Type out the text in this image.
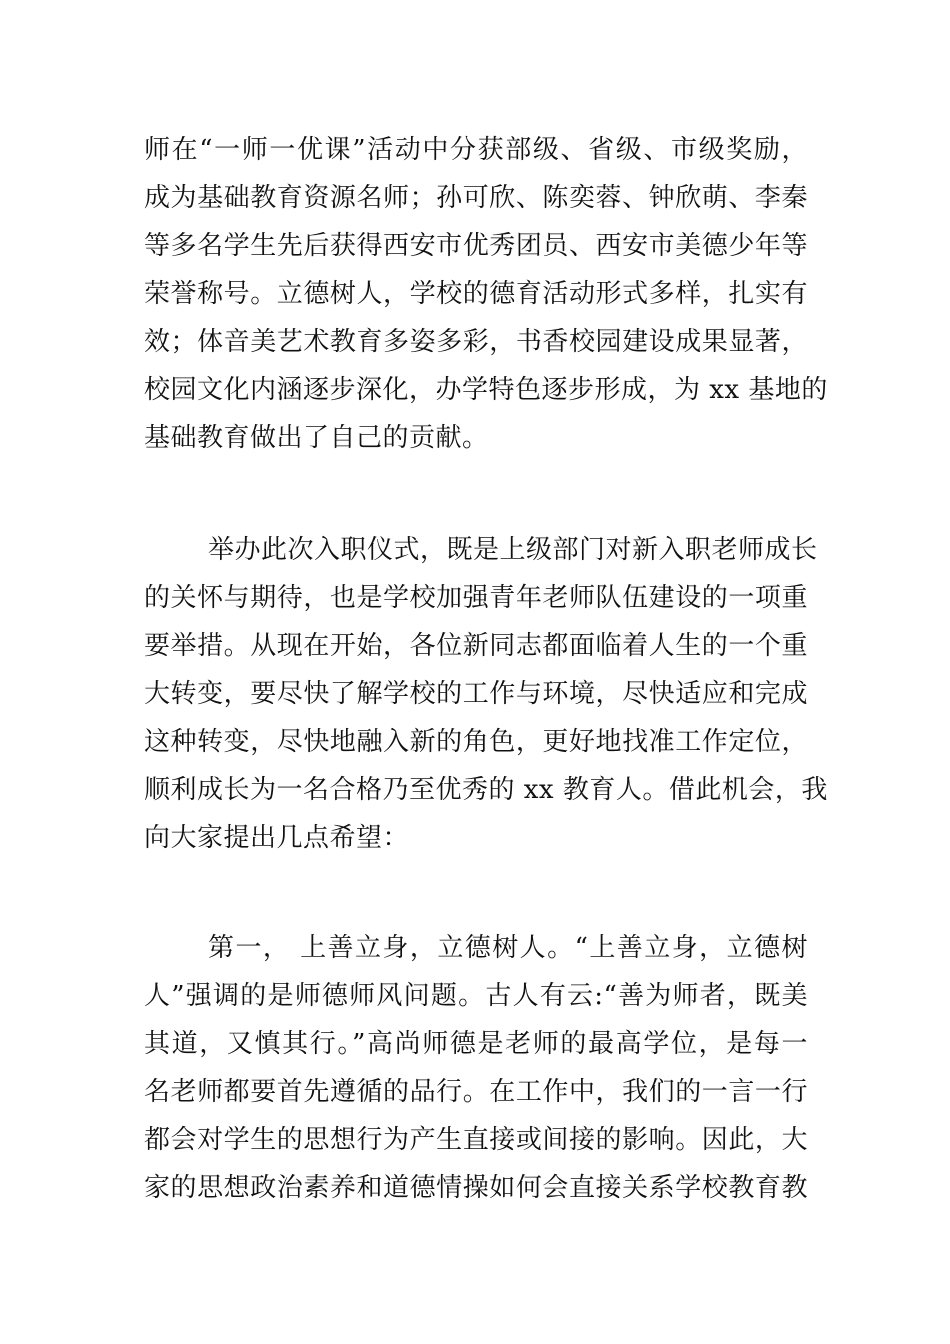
师在“一师一优课”活动中分获部级、省级、市级奖励，
成为基础教育资源名师；孙可欣、陈奕蓉、钟欣萌、李秦
等多名学生先后获得西安市优秀团员、西安市美德少年等
荣誉称号。立德树人，学校的德育活动形式多样，扎实有
效；体音美艺术教育多姿多彩，书香校园建设成果显著，
校园文化内涵逐步深化，办学特色逐步形成，为 xx 基地的
基础教育做出了自己的贡献。
举办此次入职仪式，既是上级部门对新入职老师成长
的关怀与期待，也是学校加强青年老师队伍建设的一项重
要举措。从现在开始，各位新同志都面临着人生的一个重
大转变，要尽快了解学校的工作与环境，尽快适应和完成
这种转变，尽快地融入新的角色，更好地找准工作定位，
顺利成长为一名合格乃至优秀的 xx 教育人。借此机会，我
向大家提出几点希望：
第一， 上善立身，立德树人。“上善立身，立德树
人”强调的是师德师风问题。古人有云:“善为师者，既美
其道，又慎其行。”高尚师德是老师的最高学位，是每一
名老师都要首先遵循的品行。在工作中，我们的一言一行
都会对学生的思想行为产生直接或间接的影响。因此，大
家的思想政治素养和道德情操如何会直接关系学校教育教
